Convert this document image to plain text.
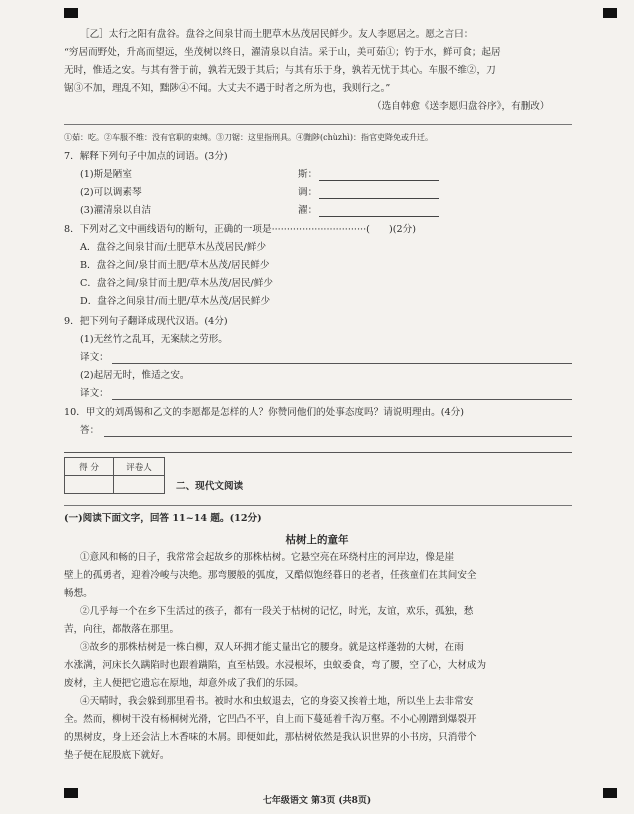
［乙］太行之阳有盘谷。盘谷之间泉甘而土肥草木丛茂居民鲜少。友人李愿居之。愿之言曰：
“穷居而野处，升高而望远，坐茂树以终日，濯清泉以自洁。采于山，美可茹①；钓于水，鲜可食；起居
无时，惟适之安。与其有誉于前，孰若无毁于其后；与其有乐于身，孰若无忧于其心。车服不维②，刀
锯③不加，理乱不知，黜陟④不闻。大丈夫不遇于时者之所为也，我则行之。”
（选自韩愈《送李愿归盘谷序》，有删改）
①茹：吃。②车服不维：没有官职的束缚。③刀锯：这里指刑具。④黜陟(chùzhì)：指官吏降免或升迁。
7．解释下列句子中加点的词语。(3分)
(1)斯是陋室	斯：
(2)可以调素琴	调：
(3)濯清泉以自洁	濯：
8．下列对乙文中画线语句的断句，正确的一项是·······························(　　)(2分)
A．盘谷之间泉甘而/土肥草木丛茂居民/鲜少
B．盘谷之间/泉甘而土肥/草木丛茂/居民鲜少
C．盘谷之间/泉甘而土肥/草木丛茂/居民/鲜少
D．盘谷之间泉甘/而土肥/草木丛茂/居民鲜少
9．把下列句子翻译成现代汉语。(4分)
(1)无丝竹之乱耳，无案牍之劳形。
译文：
(2)起居无时，惟适之安。
译文：
10．甲文的刘禹锡和乙文的李愿都是怎样的人？你赞同他们的处事态度吗？请说明理由。(4分)
答：
得 分	评卷人

二、现代文阅读
(一)阅读下面文字，回答 11~14 题。(12分)
枯树上的童年
①意风和畅的日子，我常常会起故乡的那株枯树。它悬空亮在环绕村庄的河岸边，像是崖
壁上的孤勇者，迎着冷峻与决绝。那弯腰般的弧度，又酷似饱经暮日的老者，任孩童们在其间安全
畅想。
②几乎每一个在乡下生活过的孩子，都有一段关于枯树的记忆，时光，友谊，欢乐，孤独，愁
苦，向往，都散落在那里。
③故乡的那株枯树是一株白柳，双人环拥才能丈量出它的腰身。就是这样蓬勃的大树，在雨
水涨满，河床长久蹒陷时也跟着蹒陷，直至枯毁。水浸根坏，虫蚁委食，弯了腰，空了心，大材成为
废材，主人便把它遗忘在原地，却意外成了我们的乐园。
④天晴时，我会躲到那里看书。被时水和虫蚁退去，它的身姿又挨着土地，所以坐上去非常安
全。然而，柳树干没有杨桐树光滑，它凹凸不平，自上而下蔓延着千沟万壑。不小心刚蹭到爆裂开
的黑树皮，身上还会沾上木香味的木屑。即便如此，那枯树依然是我认识世界的小书房，只消带个
垫子便在屁股底下就好。
七年级语文 第3页 (共8页)
